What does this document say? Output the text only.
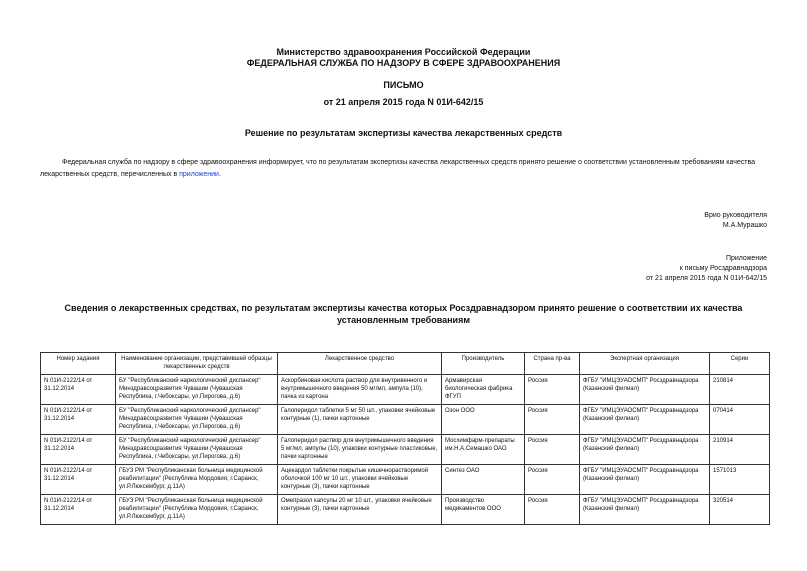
Министерство здравоохранения Российской Федерации
ФЕДЕРАЛЬНАЯ СЛУЖБА ПО НАДЗОРУ В СФЕРЕ ЗДРАВООХРАНЕНИЯ
ПИСЬМО
от 21 апреля 2015 года N 01И-642/15
Решение по результатам экспертизы качества лекарственных средств
Федеральная служба по надзору в сфере здравоохранения информирует, что по результатам экспертизы качества лекарственных средств принято решение о соответствии установленным требованиям качества лекарственных средств, перечисленных в приложении.
Врио руководителя
М.А.Мурашко
Приложение
к письму Росздравнадзора
от 21 апреля 2015 года N 01И-642/15
Сведения о лекарственных средствах, по результатам экспертизы качества которых Росздравнадзором принято решение о соответствии их качества установленным требованиям
Номер задания	Наименование организации, представившей образцы лекарственных средств	Лекарственное средство	Производитель	Страна пр-ва	Экспертная организация	Серии
N 01И-2122/14 от 31.12.2014	БУ "Республиканский наркологический диспансер" Минздравсоцразвития Чувашии (Чувашская Республика, г.Чебоксары, ул.Пирогова, д.6)	Аскорбиновая кислота раствор для внутривенного и внутримышечного введения 50 мг/мл, ампула (10), пачка из картона	Армавирская биологическая фабрика ФГУП	Россия	ФГБУ "ИМЦЭУАОСМП" Росздравнадзора (Казанский филиал)	210814
N 01И-2122/14 от 31.12.2014	БУ "Республиканский наркологический диспансер" Минздравсоцразвития Чувашии (Чувашская Республика, г.Чебоксары, ул.Пирогова, д.6)	Галоперидол таблетки 5 мг 50 шт., упаковки ячейковые контурные (1), пачки картонные	Озон ООО	Россия	ФГБУ "ИМЦЭУАОСМП" Росздравнадзора (Казанский филиал)	070414
N 01И-2122/14 от 31.12.2014	БУ "Республиканский наркологический диспансер" Минздравсоцразвития Чувашии (Чувашская Республика, г.Чебоксары, ул.Пирогова, д.6)	Галоперидол раствор для внутримышечного введения 5 мг/мл, ампулы (10), упаковки контурные пластиковые, пачки картонные	Мосхимфарм-препараты им.Н.А.Семашко ОАО	Россия	ФГБУ "ИМЦЭУАОСМП" Росздравнадзора (Казанский филиал)	210914
N 01И-2122/14 от 31.12.2014	ГБУЗ РМ "Республиканская больница медицинской реабилитации" (Республика Мордовия, г.Саранск, ул.Р.Люксембург, д.11А)	Ацекардол таблетки покрытые кишечнорастворимой оболочкой 100 мг 10 шт., упаковки ячейковые контурные (3), пачки картонные	Синтез ОАО	Россия	ФГБУ "ИМЦЭУАОСМП" Росздравнадзора (Казанский филиал)	1571013
N 01И-2122/14 от 31.12.2014	ГБУЗ РМ "Республиканская больница медицинской реабилитации" (Республика Мордовия, г.Саранск, ул.Р.Люксембург, д.11А)	Омепразол капсулы 20 мг 10 шт., упаковки ячейковые контурные (3), пачки картонные	Производство медикаментов ООО	Россия	ФГБУ "ИМЦЭУАОСМП" Росздравнадзора (Казанский филиал)	320514
